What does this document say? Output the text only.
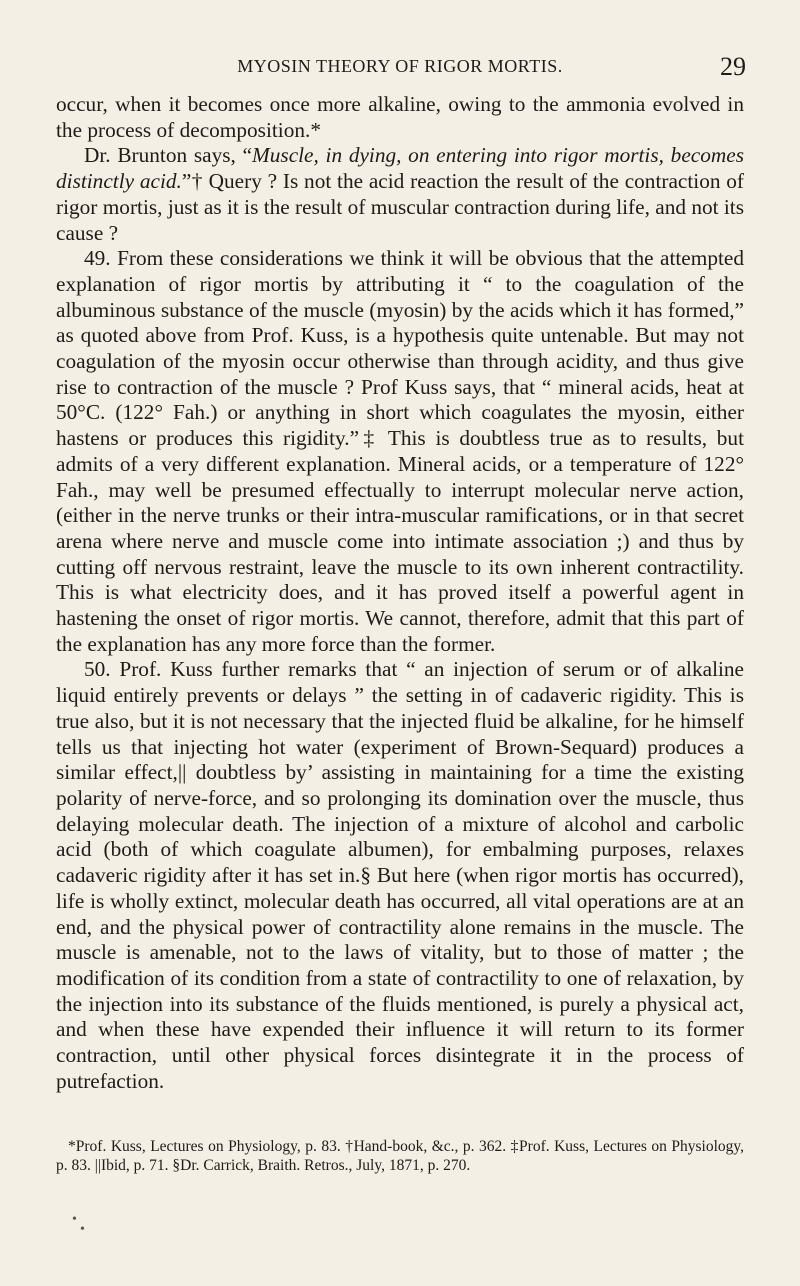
MYOSIN THEORY OF RIGOR MORTIS.	29

occur, when it becomes once more alkaline, owing to the ammonia evolved in the process of decomposition.*

Dr. Brunton says, “Muscle, in dying, on entering into rigor mortis, becomes distinctly acid.”† Query ? Is not the acid reaction the result of the contraction of rigor mortis, just as it is the result of muscular contraction during life, and not its cause ?

49. From these considerations we think it will be obvious that the attempted explanation of rigor mortis by attributing it “ to the coagulation of the albuminous substance of the muscle (myosin) by the acids which it has formed,” as quoted above from Prof. Kuss, is a hypothesis quite untenable. But may not coagulation of the myosin occur otherwise than through acidity, and thus give rise to contraction of the muscle ? Prof Kuss says, that “ mineral acids, heat at 50°C. (122° Fah.) or anything in short which coagulates the myosin, either hastens or produces this rigidity.”‡ This is doubtless true as to results, but admits of a very different explanation. Mineral acids, or a temperature of 122° Fah., may well be presumed effectually to interrupt molecular nerve action, (either in the nerve trunks or their intra-muscular ramifications, or in that secret arena where nerve and muscle come into intimate association ;) and thus by cutting off nervous restraint, leave the muscle to its own inherent contractility. This is what electricity does, and it has proved itself a powerful agent in hastening the onset of rigor mortis. We cannot, therefore, admit that this part of the explanation has any more force than the former.

50. Prof. Kuss further remarks that “ an injection of serum or of alkaline liquid entirely prevents or delays ” the setting in of cadaveric rigidity. This is true also, but it is not necessary that the injected fluid be alkaline, for he himself tells us that injecting hot water (experiment of Brown-Sequard) produces a similar effect,|| doubtless by’ assisting in maintaining for a time the existing polarity of nerve-force, and so prolonging its domination over the muscle, thus delaying molecular death. The injection of a mixture of alcohol and carbolic acid (both of which coagulate albumen), for embalming purposes, relaxes cadaveric rigidity after it has set in.§ But here (when rigor mortis has occurred), life is wholly extinct, molecular death has occurred, all vital operations are at an end, and the physical power of contractility alone remains in the muscle. The muscle is amenable, not to the laws of vitality, but to those of matter ; the modification of its condition from a state of contractility to one of relaxation, by the injection into its substance of the fluids mentioned, is purely a physical act, and when these have expended their influence it will return to its former contraction, until other physical forces disintegrate it in the process of putrefaction.

*Prof. Kuss, Lectures on Physiology, p. 83. †Hand-book, &c., p. 362. ‡Prof. Kuss, Lectures on Physiology, p. 83. ||Ibid, p. 71. §Dr. Carrick, Braith. Retros., July, 1871, p. 270.

•
•
